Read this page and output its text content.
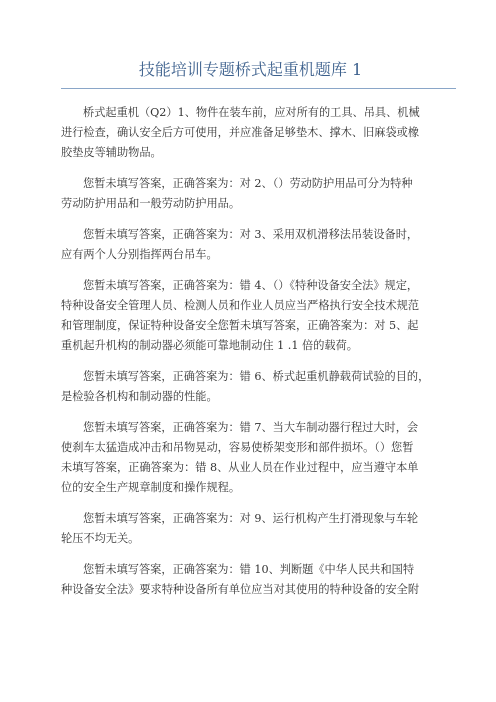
技能培训专题桥式起重机题库 1

桥式起重机（Q2）1、物件在装车前，应对所有的工具、吊具、机械
进行检查，确认安全后方可使用，并应准备足够垫木、撑木、旧麻袋或橡
胶垫皮等辅助物品。

您暂未填写答案，正确答案为：对 2、（）劳动防护用品可分为特种
劳动防护用品和一般劳动防护用品。

您暂未填写答案，正确答案为：对 3、采用双机滑移法吊装设备时，
应有两个人分别指挥两台吊车。

您暂未填写答案，正确答案为：错 4、（）《特种设备安全法》规定，
特种设备安全管理人员、检测人员和作业人员应当严格执行安全技术规范
和管理制度，保证特种设备安全您暂未填写答案，正确答案为：对 5、起
重机起升机构的制动器必须能可靠地制动住 1 .1 倍的载荷。

您暂未填写答案，正确答案为：错 6、桥式起重机静载荷试验的目的，
是检验各机构和制动器的性能。

您暂未填写答案，正确答案为：错 7、当大车制动器行程过大时，会
使刹车太猛造成冲击和吊物晃动，容易使桥架变形和部件损坏。（）您暂
未填写答案，正确答案为：错 8、从业人员在作业过程中，应当遵守本单
位的安全生产规章制度和操作规程。

您暂未填写答案，正确答案为：对 9、运行机构产生打滑现象与车轮
轮压不均无关。

您暂未填写答案，正确答案为：错 10、判断题《中华人民共和国特
种设备安全法》要求特种设备所有单位应当对其使用的特种设备的安全附
